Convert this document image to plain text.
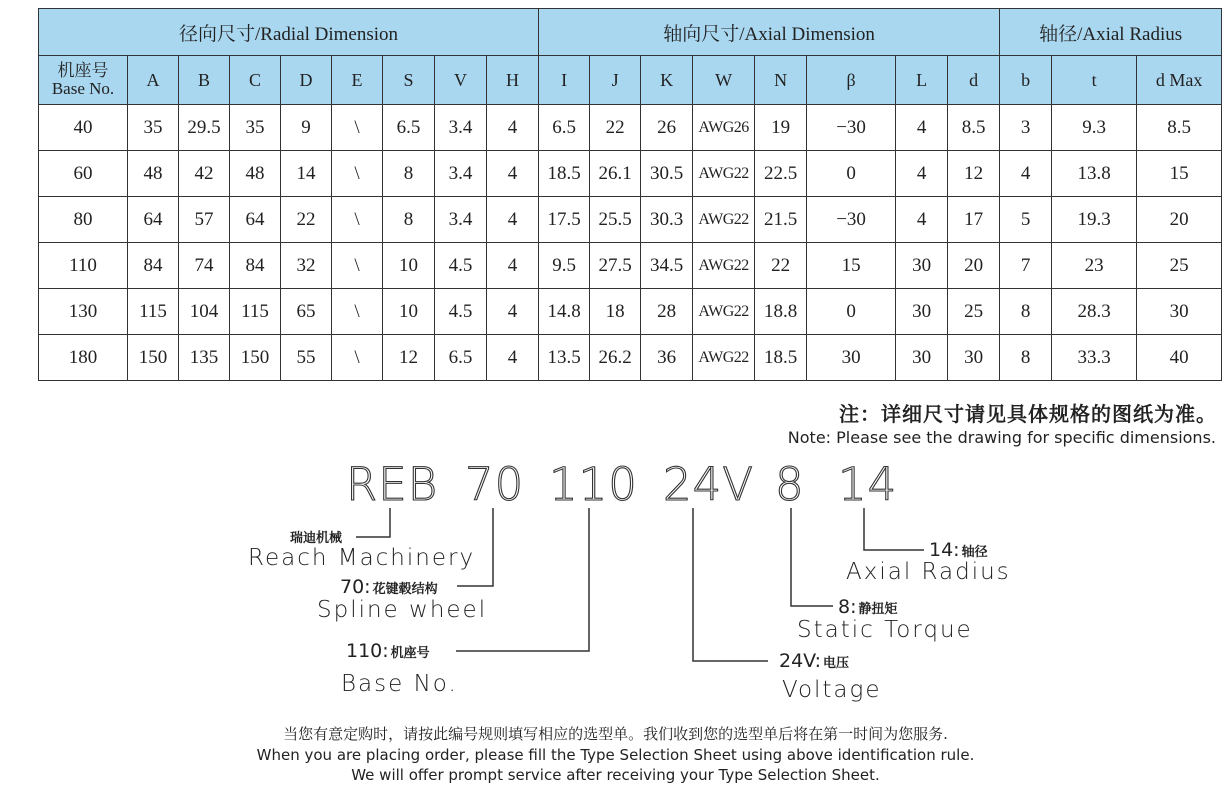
径向尺寸/Radial Dimension									轴向尺寸/Axial Dimension								轴径/Axial Radius		

机座号
Base No.	A	B	C	D	E	S	V	H	I	J	K	W	N	β	L	d	b	t	d Max
40	35	29.5	35	9	\	6.5	3.4	4	6.5	22	26	AWG26	19	−30	4	8.5	3	9.3	8.5
60	48	42	48	14	\	8	3.4	4	18.5	26.1	30.5	AWG22	22.5	0	4	12	4	13.8	15
80	64	57	64	22	\	8	3.4	4	17.5	25.5	30.3	AWG22	21.5	−30	4	17	5	19.3	20
110	84	74	84	32	\	10	4.5	4	9.5	27.5	34.5	AWG22	22	15	30	20	7	23	25
130	115	104	115	65	\	10	4.5	4	14.8	18	28	AWG22	18.8	0	30	25	8	28.3	30
180	150	135	150	55	\	12	6.5	4	13.5	26.2	36	AWG22	18.5	30	30	30	8	33.3	40
注：详细尺寸请见具体规格的图纸为准。
Note: Please see the drawing for specific dimensions.
REB 70 110 24V 8 14
瑞迪机械
Reach Machinery
70: 花键毂结构
Spline wheel
110: 机座号
Base No.
24V: 电压
Voltage
8: 静扭矩
Static Torque
14: 轴径
Axial Radius
当您有意定购时，请按此编号规则填写相应的选型单。我们收到您的选型单后将在第一时间为您服务.
When you are placing order, please fill the Type Selection Sheet using above identification rule.
We will offer prompt service after receiving your Type Selection Sheet.
